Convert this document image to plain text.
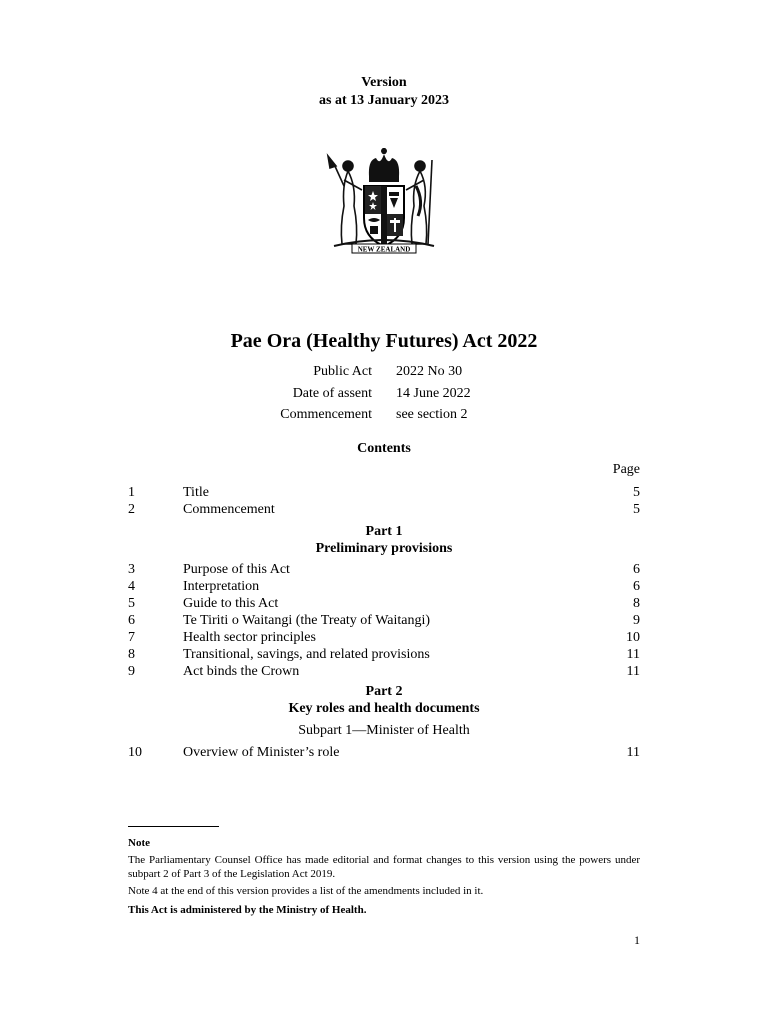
Version
as at 13 January 2023
NEW ZEALAND
Pae Ora (Healthy Futures) Act 2022
Public Act 2022 No 30
Date of assent 14 June 2022
Commencement see section 2
Contents
Page
1	Title	5
2	Commencement	5
Part 1
Preliminary provisions
3	Purpose of this Act	6
4	Interpretation	6
5	Guide to this Act	8
6	Te Tiriti o Waitangi (the Treaty of Waitangi)	9
7	Health sector principles	10
8	Transitional, savings, and related provisions	11
9	Act binds the Crown	11
Part 2
Key roles and health documents
Subpart 1—Minister of Health
10	Overview of Minister’s role	11
Note
The Parliamentary Counsel Office has made editorial and format changes to this version using the powers under subpart 2 of Part 3 of the Legislation Act 2019.
Note 4 at the end of this version provides a list of the amendments included in it.
This Act is administered by the Ministry of Health.
1
